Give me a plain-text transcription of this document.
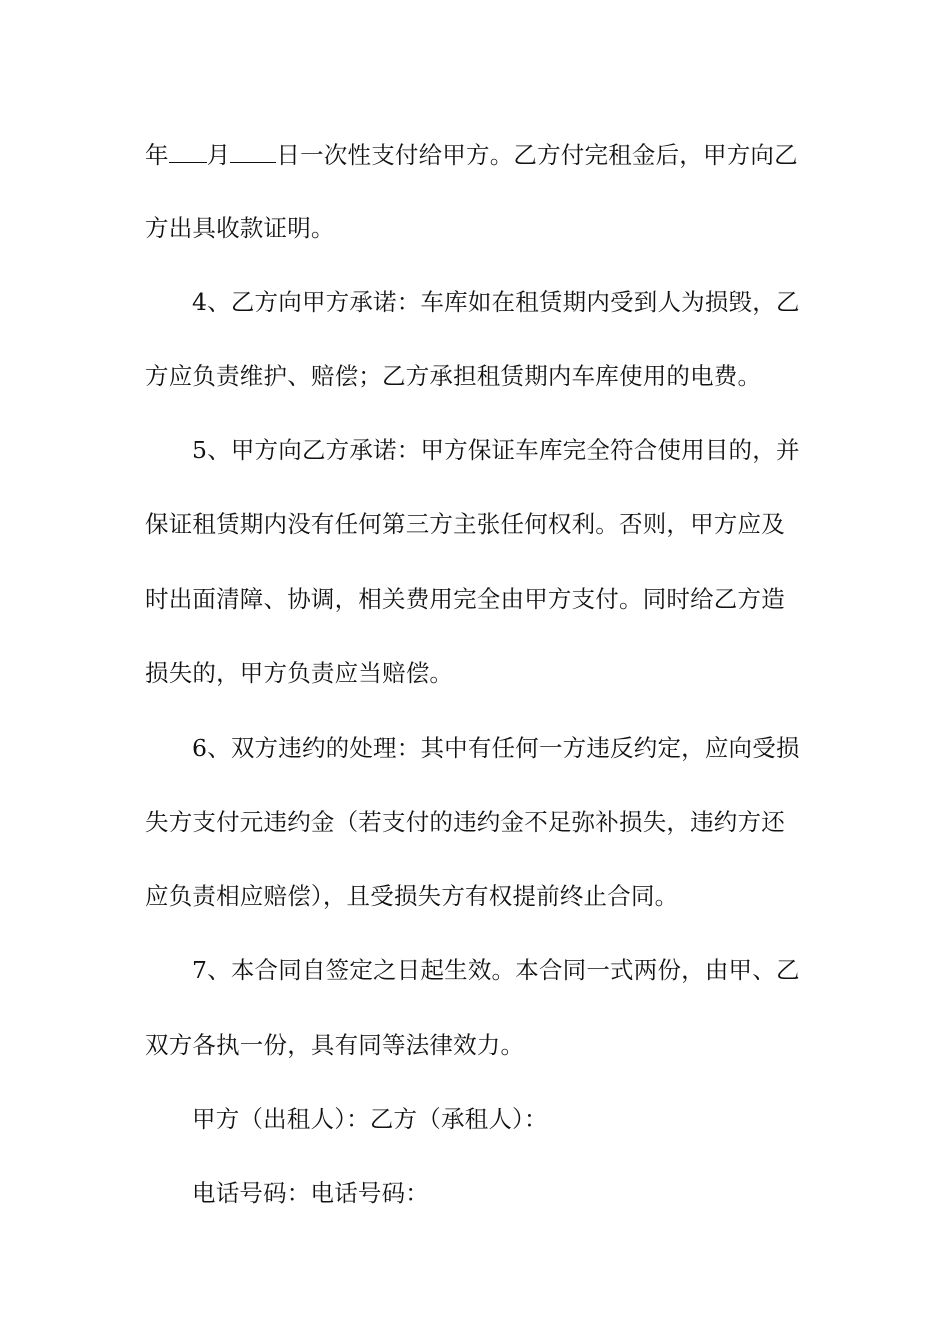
年 月 日一次性支付给甲方。乙方付完租金后，甲方向乙
方出具收款证明。
4、乙方向甲方承诺：车库如在租赁期内受到人为损毁，乙
方应负责维护、赔偿；乙方承担租赁期内车库使用的电费。
5、甲方向乙方承诺：甲方保证车库完全符合使用目的，并
保证租赁期内没有任何第三方主张任何权利。否则，甲方应及
时出面清障、协调，相关费用完全由甲方支付。同时给乙方造
损失的，甲方负责应当赔偿。
6、双方违约的处理：其中有任何一方违反约定，应向受损
失方支付元违约金（若支付的违约金不足弥补损失，违约方还
应负责相应赔偿），且受损失方有权提前终止合同。
7、本合同自签定之日起生效。本合同一式两份，由甲、乙
双方各执一份，具有同等法律效力。
甲方（出租人）：乙方（承租人）：
电话号码：电话号码：
